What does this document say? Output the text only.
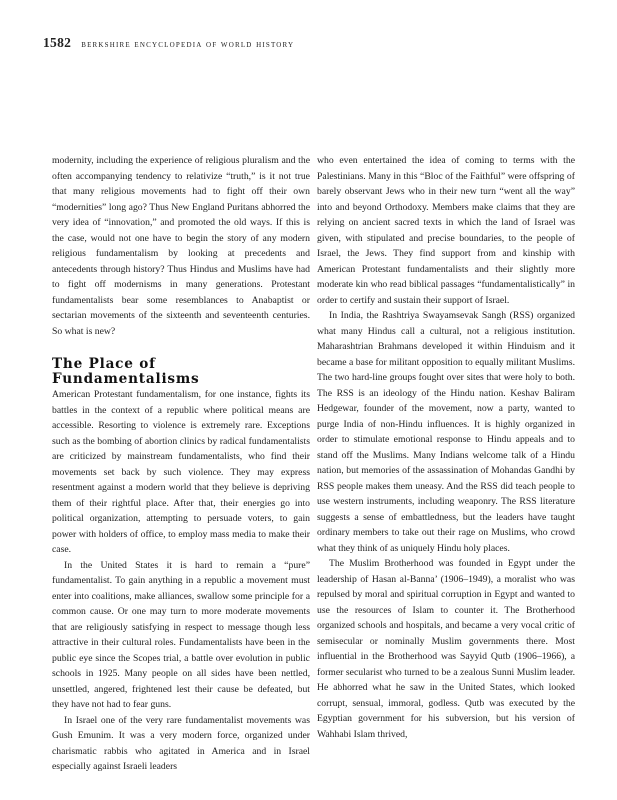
1582 berkshire encyclopedia of world history

modernity, including the experience of religious pluralism and the often accompanying tendency to relativize “truth,” is it not true that many religious movements had to fight off their own “modernities” long ago? Thus New England Puritans abhorred the very idea of “innovation,” and promoted the old ways. If this is the case, would not one have to begin the story of any modern religious fundamentalism by looking at precedents and antecedents through history? Thus Hindus and Muslims have had to fight off modernisms in many generations. Protestant fundamentalists bear some resemblances to Anabaptist or sectarian movements of the sixteenth and seventeenth centuries. So what is new?

The Place of
Fundamentalisms

American Protestant fundamentalism, for one instance, fights its battles in the context of a republic where political means are accessible. Resorting to violence is extremely rare. Exceptions such as the bombing of abortion clinics by radical fundamentalists are criticized by mainstream fundamentalists, who find their movements set back by such violence. They may express resentment against a modern world that they believe is depriving them of their rightful place. After that, their energies go into political organization, attempting to persuade voters, to gain power with holders of office, to employ mass media to make their case.

In the United States it is hard to remain a “pure” fundamentalist. To gain anything in a republic a movement must enter into coalitions, make alliances, swallow some principle for a common cause. Or one may turn to more moderate movements that are religiously satisfying in respect to message though less attractive in their cultural roles. Fundamentalists have been in the public eye since the Scopes trial, a battle over evolution in public schools in 1925. Many people on all sides have been nettled, unsettled, angered, frightened lest their cause be defeated, but they have not had to fear guns.

In Israel one of the very rare fundamentalist movements was Gush Emunim. It was a very modern force, organized under charismatic rabbis who agitated in America and in Israel especially against Israeli leaders

who even entertained the idea of coming to terms with the Palestinians. Many in this “Bloc of the Faithful” were offspring of barely observant Jews who in their new turn “went all the way” into and beyond Orthodoxy. Members make claims that they are relying on ancient sacred texts in which the land of Israel was given, with stipulated and precise boundaries, to the people of Israel, the Jews. They find support from and kinship with American Protestant fundamentalists and their slightly more moderate kin who read biblical passages “fundamentalistically” in order to certify and sustain their support of Israel.

In India, the Rashtriya Swayamsevak Sangh (RSS) organized what many Hindus call a cultural, not a religious institution. Maharashtrian Brahmans developed it within Hinduism and it became a base for militant opposition to equally militant Muslims. The two hard-line groups fought over sites that were holy to both. The RSS is an ideology of the Hindu nation. Keshav Baliram Hedgewar, founder of the movement, now a party, wanted to purge India of non-Hindu influences. It is highly organized in order to stimulate emotional response to Hindu appeals and to stand off the Muslims. Many Indians welcome talk of a Hindu nation, but memories of the assassination of Mohandas Gandhi by RSS people makes them uneasy. And the RSS did teach people to use western instruments, including weaponry. The RSS literature suggests a sense of embattledness, but the leaders have taught ordinary members to take out their rage on Muslims, who crowd what they think of as uniquely Hindu holy places.

The Muslim Brotherhood was founded in Egypt under the leadership of Hasan al-Banna’ (1906–1949), a moralist who was repulsed by moral and spiritual corruption in Egypt and wanted to use the resources of Islam to counter it. The Brotherhood organized schools and hospitals, and became a very vocal critic of semisecular or nominally Muslim governments there. Most influential in the Brotherhood was Sayyid Qutb (1906–1966), a former secularist who turned to be a zealous Sunni Muslim leader. He abhorred what he saw in the United States, which looked corrupt, sensual, immoral, godless. Qutb was executed by the Egyptian government for his subversion, but his version of Wahhabi Islam thrived,
